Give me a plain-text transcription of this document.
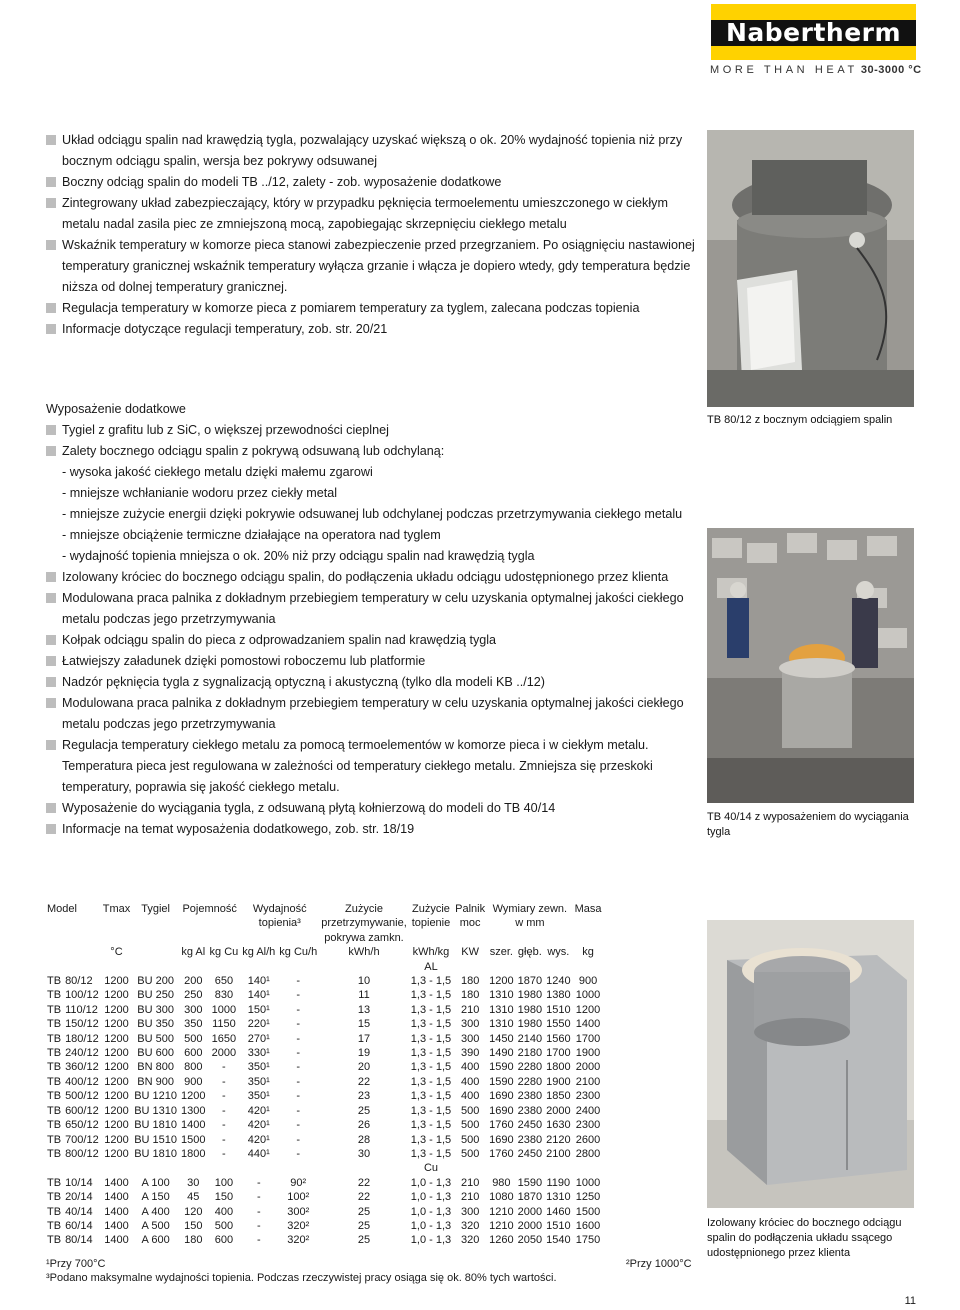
Nabertherm
MORE THAN HEAT 30-3000 °C
Układ odciągu spalin nad krawędzią tygla, pozwalający uzyskać większą o ok. 20% wydajność topienia niż przy
bocznym odciągu spalin, wersja bez pokrywy odsuwanej
Boczny odciąg spalin do modeli TB ../12, zalety - zob. wyposażenie dodatkowe
Zintegrowany układ zabezpieczający, który w przypadku pęknięcia termoelementu umieszczonego w ciekłym
metalu nadal zasila piec ze zmniejszoną mocą, zapobiegając skrzepnięciu ciekłego metalu
Wskaźnik temperatury w komorze pieca stanowi zabezpieczenie przed przegrzaniem. Po osiągnięciu nastawionej
temperatury granicznej wskaźnik temperatury wyłącza grzanie i włącza je dopiero wtedy, gdy temperatura będzie
niższa od dolnej temperatury granicznej.
Regulacja temperatury w komorze pieca z pomiarem temperatury za tyglem, zalecana podczas topienia
Informacje dotyczące regulacji temperatury, zob. str. 20/21
TB 80/12 z bocznym odciągiem spalin
Wyposażenie dodatkowe
Tygiel z grafitu lub z SiC, o większej przewodności cieplnej
Zalety bocznego odciągu spalin z pokrywą odsuwaną lub odchylaną:
- wysoka jakość ciekłego metalu dzięki małemu zgarowi
- mniejsze wchłanianie wodoru przez ciekły metal
- mniejsze zużycie energii dzięki pokrywie odsuwanej lub odchylanej podczas przetrzymywania ciekłego metalu
- mniejsze obciążenie termiczne działające na operatora nad tyglem
- wydajność topienia mniejsza o ok. 20% niż przy odciągu spalin nad krawędzią tygla
Izolowany króciec do bocznego odciągu spalin, do podłączenia układu odciągu udostępnionego przez klienta
Modulowana praca palnika z dokładnym przebiegiem temperatury w celu uzyskania optymalnej jakości ciekłego
metalu podczas jego przetrzymywania
Kołpak odciągu spalin do pieca z odprowadzaniem spalin nad krawędzią tygla
Łatwiejszy załadunek dzięki pomostowi roboczemu lub platformie
Nadzór pęknięcia tygla z sygnalizacją optyczną i akustyczną (tylko dla modeli KB ../12)
Modulowana praca palnika z dokładnym przebiegiem temperatury w celu uzyskania optymalnej jakości ciekłego
metalu podczas jego przetrzymywania
Regulacja temperatury ciekłego metalu za pomocą termoelementów w komorze pieca i w ciekłym metalu.
Temperatura pieca jest regulowana w zależności od temperatury ciekłego metalu. Zmniejsza się przeskoki
temperatury, poprawia się jakość ciekłego metalu.
Wyposażenie do wyciągania tygla, z odsuwaną płytą kołnierzową do modeli do TB 40/14
Informacje na temat wyposażenia dodatkowego, zob. str. 18/19
TB 40/14 z wyposażeniem do wyciągania
tygla
Izolowany króciec do bocznego odciągu
spalin do podłączenia układu ssącego
udostępnionego przez klienta
Model		Tmax	Tygiel	Pojemność		Wydajność		Zużycie	Zużycie	Palnik	Wymiary zewn.			Masa
						topienia³		przetrzymywanie,	topienie	moc	w mm			
								pokrywa zamkn.						
		°C		kg Al	kg Cu	kg Al/h	kg Cu/h	kWh/h	kWh/kg	KW	szer.	głęb.	wys.	kg
									AL					
TB	80/12	1200	BU 200	200	650	140¹	-	10	1,3 - 1,5	180	1200	1870	1240	900
TB	100/12	1200	BU 250	250	830	140¹	-	11	1,3 - 1,5	180	1310	1980	1380	1000
TB	110/12	1200	BU 300	300	1000	150¹	-	13	1,3 - 1,5	210	1310	1980	1510	1200
TB	150/12	1200	BU 350	350	1150	220¹	-	15	1,3 - 1,5	300	1310	1980	1550	1400
TB	180/12	1200	BU 500	500	1650	270¹	-	17	1,3 - 1,5	300	1450	2140	1560	1700
TB	240/12	1200	BU 600	600	2000	330¹	-	19	1,3 - 1,5	390	1490	2180	1700	1900
TB	360/12	1200	BN 800	800	-	350¹	-	20	1,3 - 1,5	400	1590	2280	1800	2000
TB	400/12	1200	BN 900	900	-	350¹	-	22	1,3 - 1,5	400	1590	2280	1900	2100
TB	500/12	1200	BU 1210	1200	-	350¹	-	23	1,3 - 1,5	400	1690	2380	1850	2300
TB	600/12	1200	BU 1310	1300	-	420¹	-	25	1,3 - 1,5	500	1690	2380	2000	2400
TB	650/12	1200	BU 1810	1400	-	420¹	-	26	1,3 - 1,5	500	1760	2450	1630	2300
TB	700/12	1200	BU 1510	1500	-	420¹	-	28	1,3 - 1,5	500	1690	2380	2120	2600
TB	800/12	1200	BU 1810	1800	-	440¹	-	30	1,3 - 1,5	500	1760	2450	2100	2800
									Cu					
TB	10/14	1400	A 100	30	100	-	90²	22	1,0 - 1,3	210	980	1590	1190	1000
TB	20/14	1400	A 150	45	150	-	100²	22	1,0 - 1,3	210	1080	1870	1310	1250
TB	40/14	1400	A 400	120	400	-	300²	25	1,0 - 1,3	300	1210	2000	1460	1500
TB	60/14	1400	A 500	150	500	-	320²	25	1,0 - 1,3	320	1210	2000	1510	1600
TB	80/14	1400	A 600	180	600	-	320²	25	1,0 - 1,3	320	1260	2050	1540	1750
¹Przy 700°C	²Przy 1000°C
³Podano maksymalne wydajności topienia. Podczas rzeczywistej pracy osiąga się ok. 80% tych wartości.
11
